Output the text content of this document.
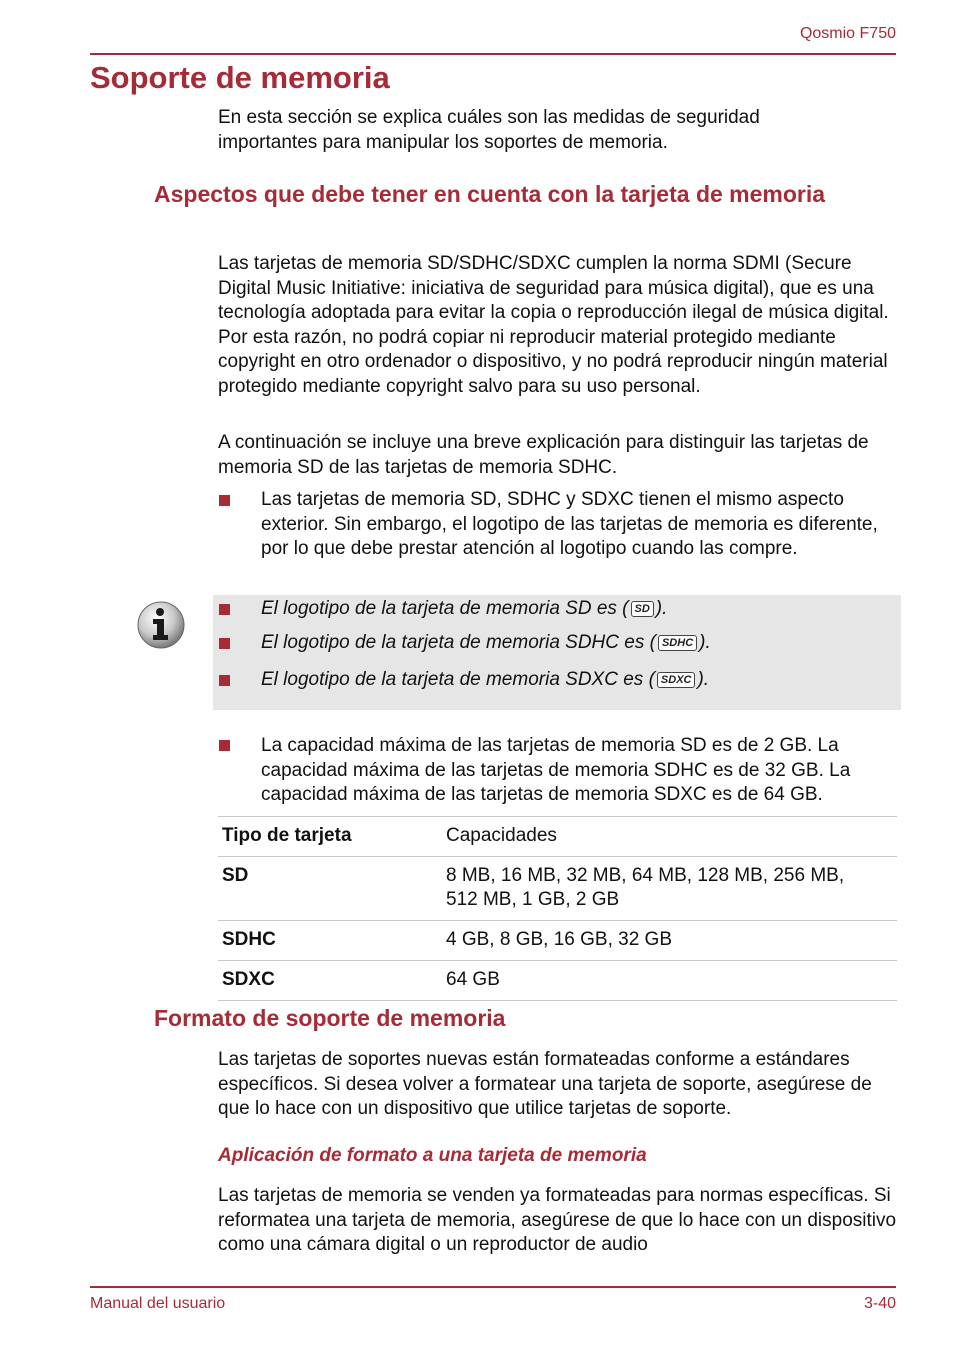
Qosmio F750
Soporte de memoria
En esta sección se explica cuáles son las medidas de seguridad importantes para manipular los soportes de memoria.
Aspectos que debe tener en cuenta con la tarjeta de memoria
Las tarjetas de memoria SD/SDHC/SDXC cumplen la norma SDMI (Secure Digital Music Initiative: iniciativa de seguridad para música digital), que es una tecnología adoptada para evitar la copia o reproducción ilegal de música digital. Por esta razón, no podrá copiar ni reproducir material protegido mediante copyright en otro ordenador o dispositivo, y no podrá reproducir ningún material protegido mediante copyright salvo para su uso personal.
A continuación se incluye una breve explicación para distinguir las tarjetas de memoria SD de las tarjetas de memoria SDHC.
Las tarjetas de memoria SD, SDHC y SDXC tienen el mismo aspecto exterior. Sin embargo, el logotipo de las tarjetas de memoria es diferente, por lo que debe prestar atención al logotipo cuando las compre.
El logotipo de la tarjeta de memoria SD es ( SD ).
El logotipo de la tarjeta de memoria SDHC es ( SDHC ).
El logotipo de la tarjeta de memoria SDXC es ( SDXC ).
La capacidad máxima de las tarjetas de memoria SD es de 2 GB. La capacidad máxima de las tarjetas de memoria SDHC es de 32 GB. La capacidad máxima de las tarjetas de memoria SDXC es de 64 GB.
Tipo de tarjeta	Capacidades
SD	8 MB, 16 MB, 32 MB, 64 MB, 128 MB, 256 MB, 512 MB, 1 GB, 2 GB
SDHC	4 GB, 8 GB, 16 GB, 32 GB
SDXC	64 GB
Formato de soporte de memoria
Las tarjetas de soportes nuevas están formateadas conforme a estándares específicos. Si desea volver a formatear una tarjeta de soporte, asegúrese de que lo hace con un dispositivo que utilice tarjetas de soporte.
Aplicación de formato a una tarjeta de memoria
Las tarjetas de memoria se venden ya formateadas para normas específicas. Si reformatea una tarjeta de memoria, asegúrese de que lo hace con un dispositivo como una cámara digital o un reproductor de audio
Manual del usuario	3-40
